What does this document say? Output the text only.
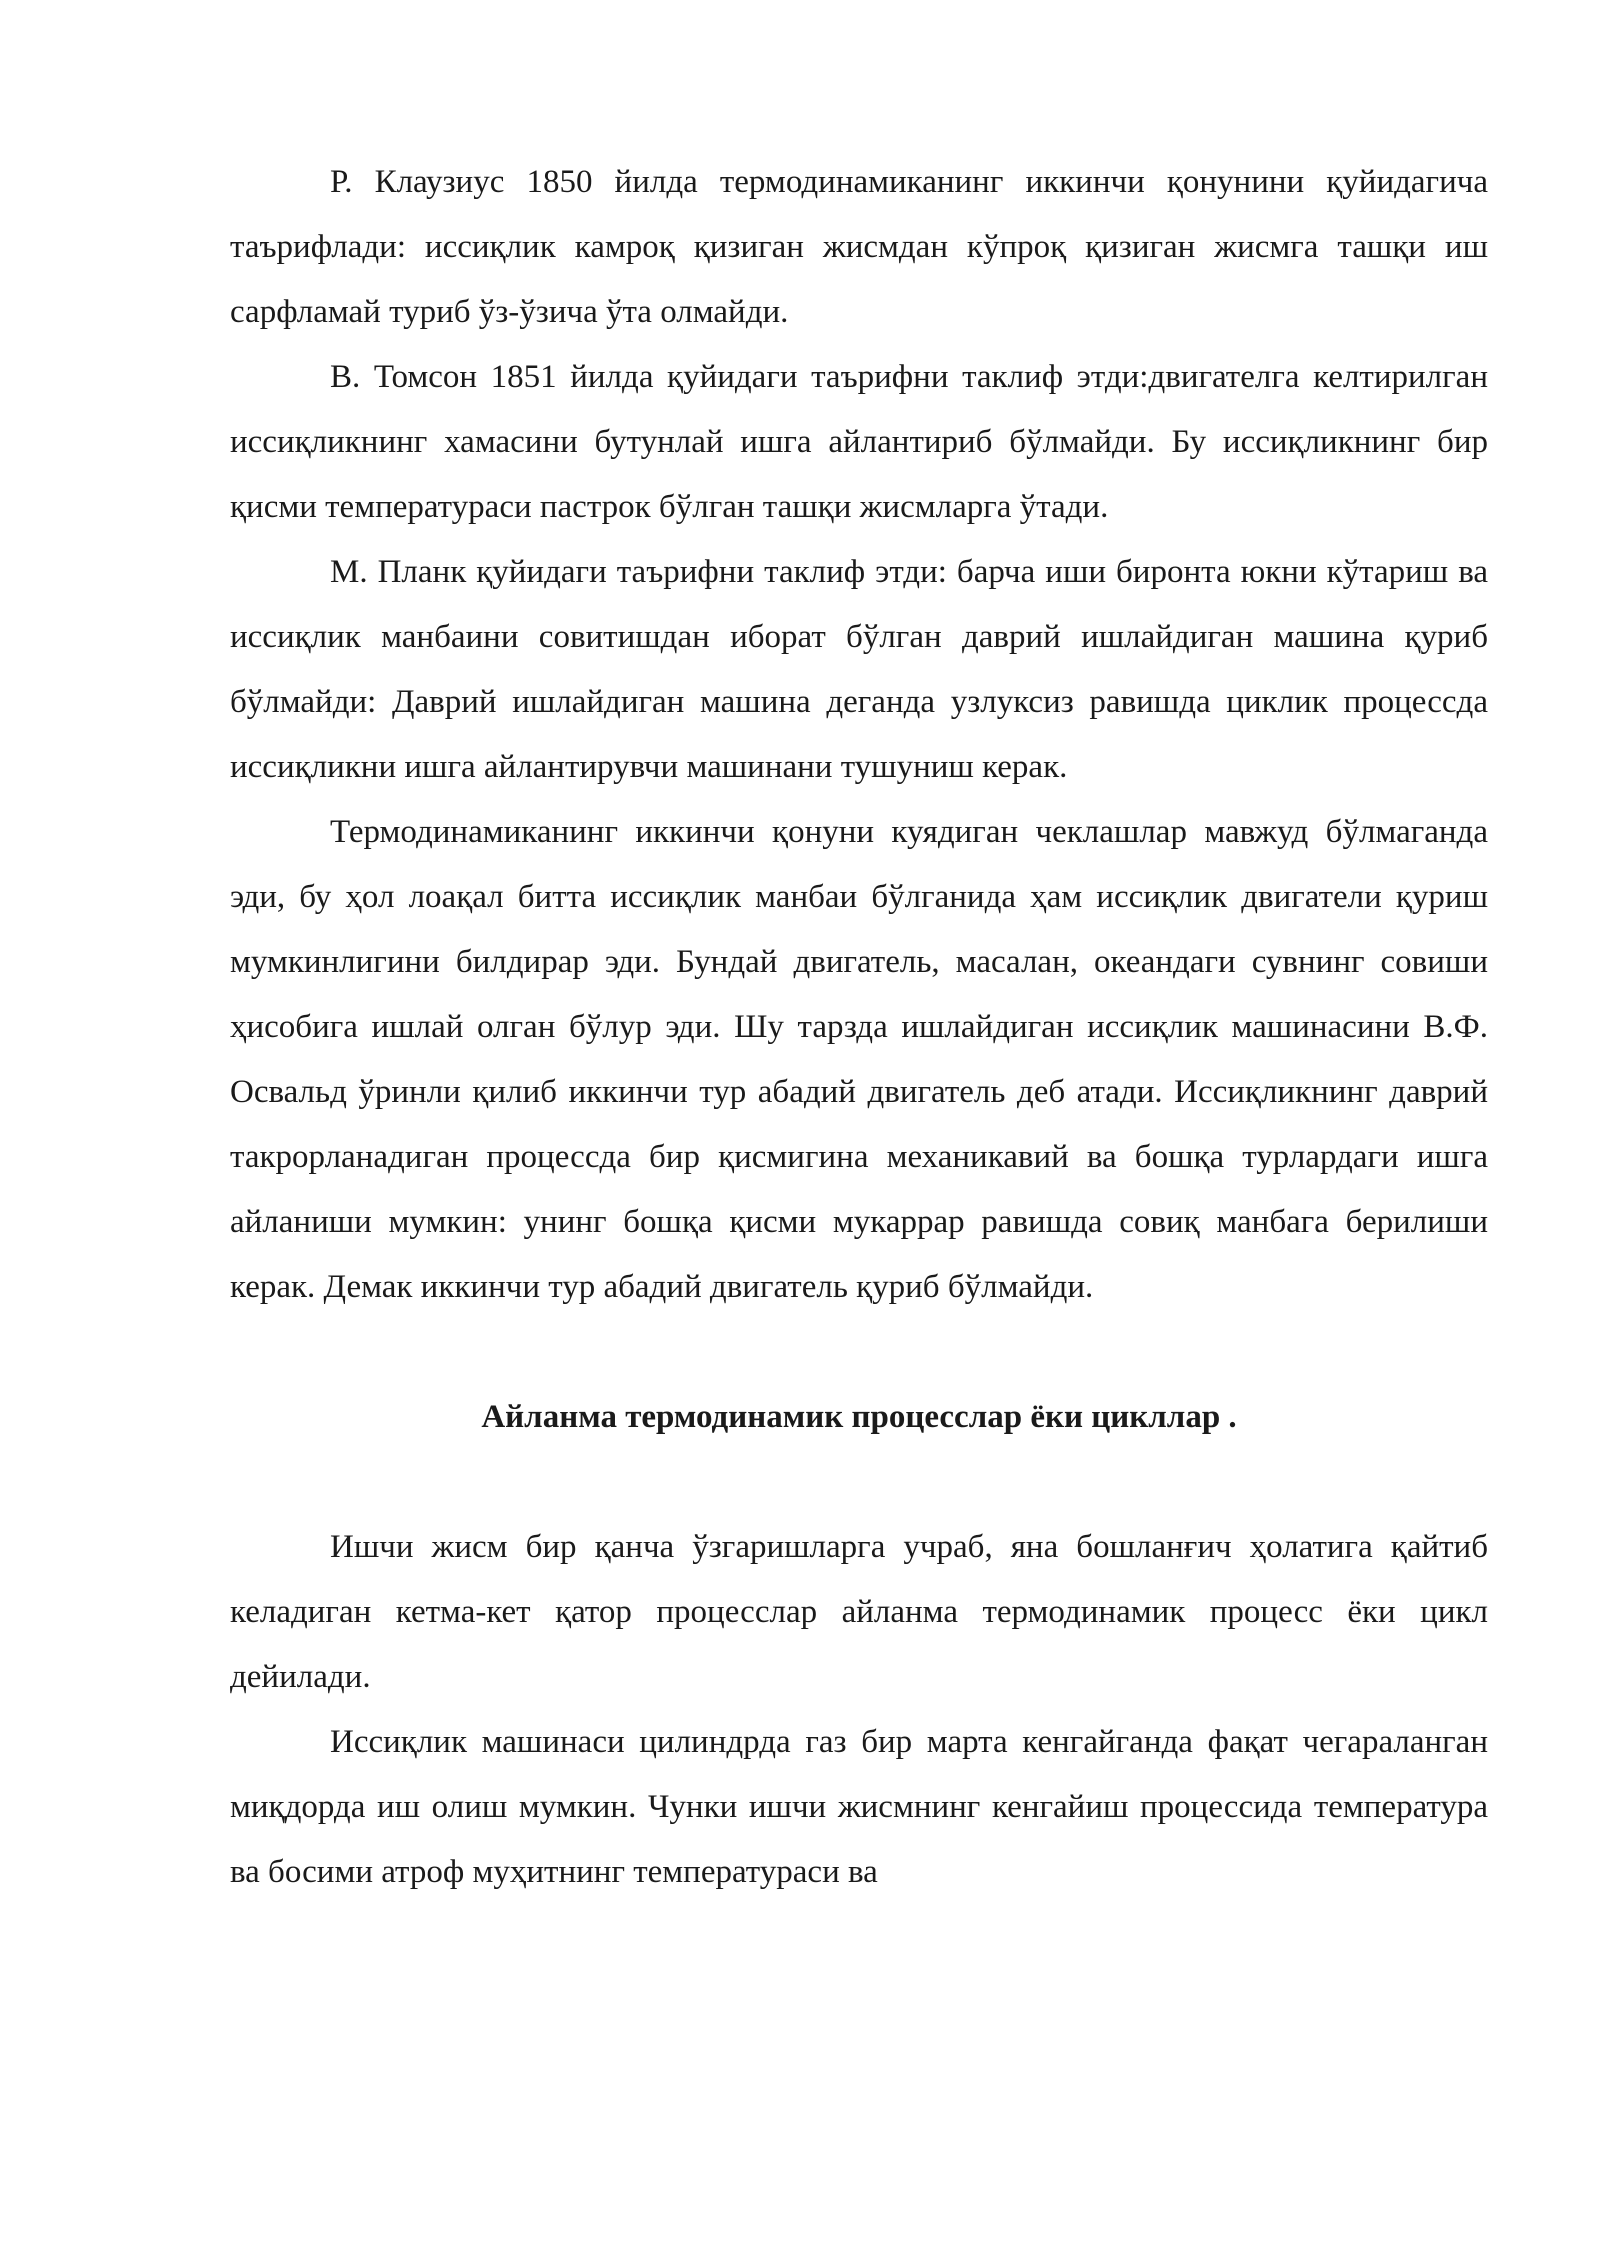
Р. Клаузиус 1850 йилда термодинамиканинг иккинчи қонунини қуйидагича таърифлади: иссиқлик камроқ қизиган жисмдан кўпроқ қизиган жисмга ташқи иш сарфламай туриб ўз-ўзича ўта олмайди.

В. Томсон 1851 йилда қуйидаги таърифни таклиф этди:двигателга келтирилган иссиқликнинг хамасини бутунлай ишга айлантириб бўлмайди. Бу иссиқликнинг бир қисми температураси пастрок бўлган ташқи жисмларга ўтади.

М. Планк қуйидаги таърифни таклиф этди: барча иши биронта юкни кўтариш ва иссиқлик манбаини совитишдан иборат бўлган даврий ишлайдиган машина қуриб бўлмайди: Даврий ишлайдиган машина деганда узлуксиз равишда циклик процессда иссиқликни ишга айлантирувчи машинани тушуниш керак.

Термодинамиканинг иккинчи қонуни куядиган чеклашлар мавжуд бўлмаганда эди, бу ҳол лоақал битта иссиқлик манбаи бўлганида ҳам иссиқлик двигатели қуриш мумкинлигини билдирар эди. Бундай двигатель, масалан, океандаги сувнинг совиши ҳисобига ишлай олган бўлур эди. Шу тарзда ишлайдиган иссиқлик машинасини В.Ф. Освальд ўринли қилиб иккинчи тур абадий двигатель деб атади. Иссиқликнинг даврий такрорланадиган процессда бир қисмигина механикавий ва бошқа турлардаги ишга айланиши мумкин: унинг бошқа қисми мукаррар равишда совиқ манбага берилиши керак. Демак иккинчи тур абадий двигатель қуриб бўлмайди.

Айланма термодинамик процесслар ёки цикллар .

Ишчи жисм бир қанча ўзгаришларга учраб, яна бошланғич ҳолатига қайтиб келадиган кетма-кет қатор процесслар айланма термодинамик процесс ёки цикл дейилади.

Иссиқлик машинаси цилиндрда газ бир марта кенгайганда фақат чегараланган миқдорда иш олиш мумкин. Чунки ишчи жисмнинг кенгайиш процессида температура ва босими атроф муҳитнинг температураси ва
